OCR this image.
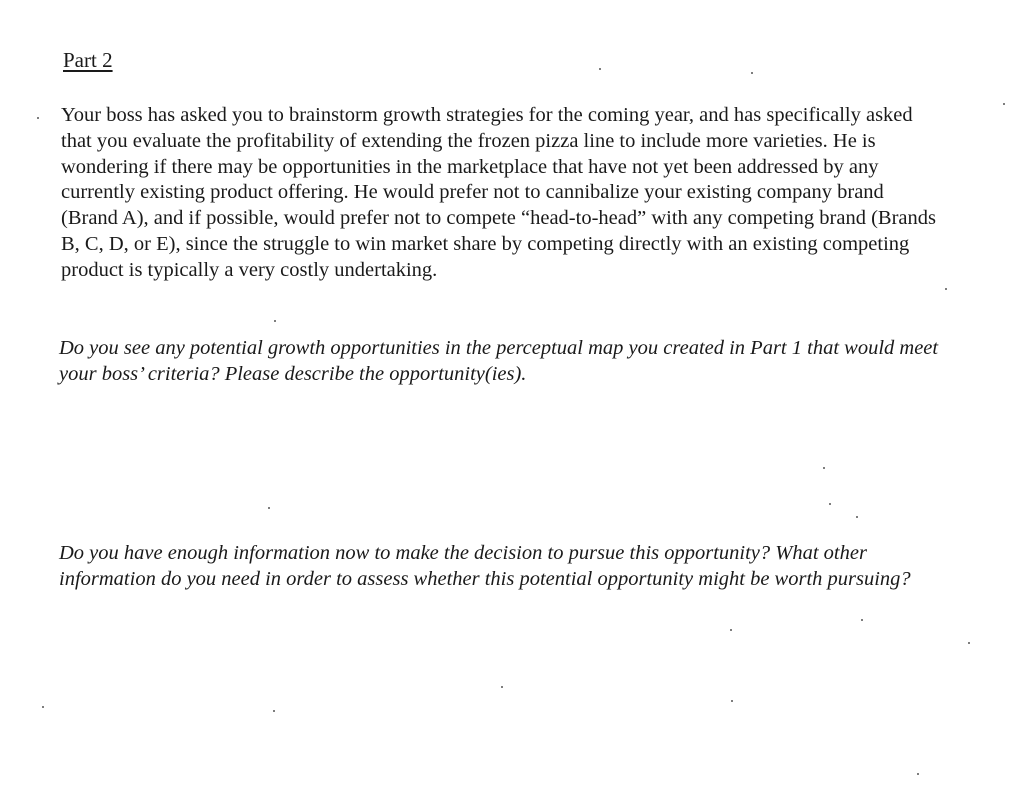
Part 2

Your boss has asked you to brainstorm growth strategies for the coming year, and has specifically asked that you evaluate the profitability of extending the frozen pizza line to include more varieties. He is wondering if there may be opportunities in the marketplace that have not yet been addressed by any currently existing product offering. He would prefer not to cannibalize your existing company brand (Brand A), and if possible, would prefer not to compete “head-to-head” with any competing brand (Brands B, C, D, or E), since the struggle to win market share by competing directly with an existing competing product is typically a very costly undertaking.

Do you see any potential growth opportunities in the perceptual map you created in Part 1 that would meet your boss’ criteria? Please describe the opportunity(ies).

Do you have enough information now to make the decision to pursue this opportunity? What other information do you need in order to assess whether this potential opportunity might be worth pursuing?
